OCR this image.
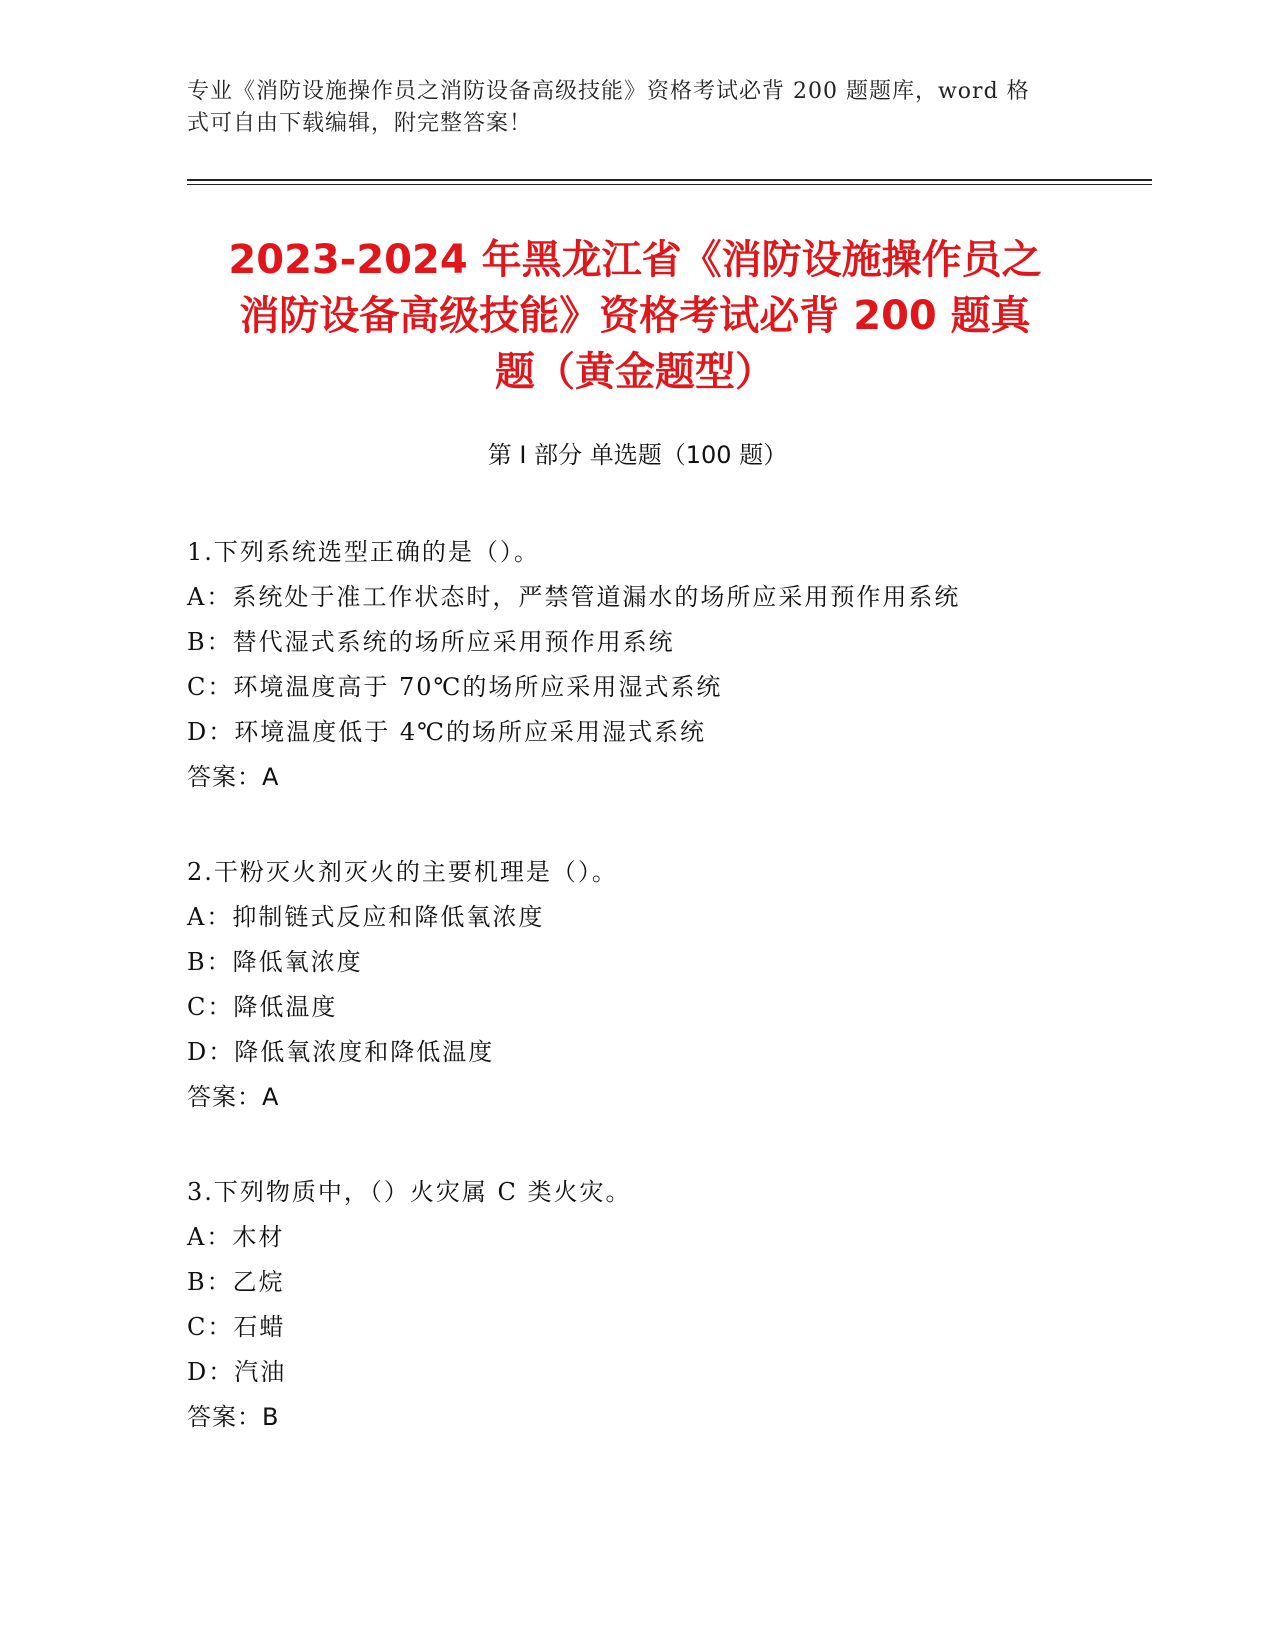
专业《消防设施操作员之消防设备高级技能》资格考试必背 200 题题库，word 格
式可自由下载编辑，附完整答案！
2023-2024 年黑龙江省《消防设施操作员之
消防设备高级技能》资格考试必背 200 题真
题（黄金题型）
第 I 部分 单选题（100 题）
1.下列系统选型正确的是（）。
A：系统处于准工作状态时，严禁管道漏水的场所应采用预作用系统
B：替代湿式系统的场所应采用预作用系统
C：环境温度高于 70℃的场所应采用湿式系统
D：环境温度低于 4℃的场所应采用湿式系统
答案：A
2.干粉灭火剂灭火的主要机理是（）。
A：抑制链式反应和降低氧浓度
B：降低氧浓度
C：降低温度
D：降低氧浓度和降低温度
答案：A
3.下列物质中，（）火灾属 C 类火灾。
A：木材
B：乙烷
C：石蜡
D：汽油
答案：B
